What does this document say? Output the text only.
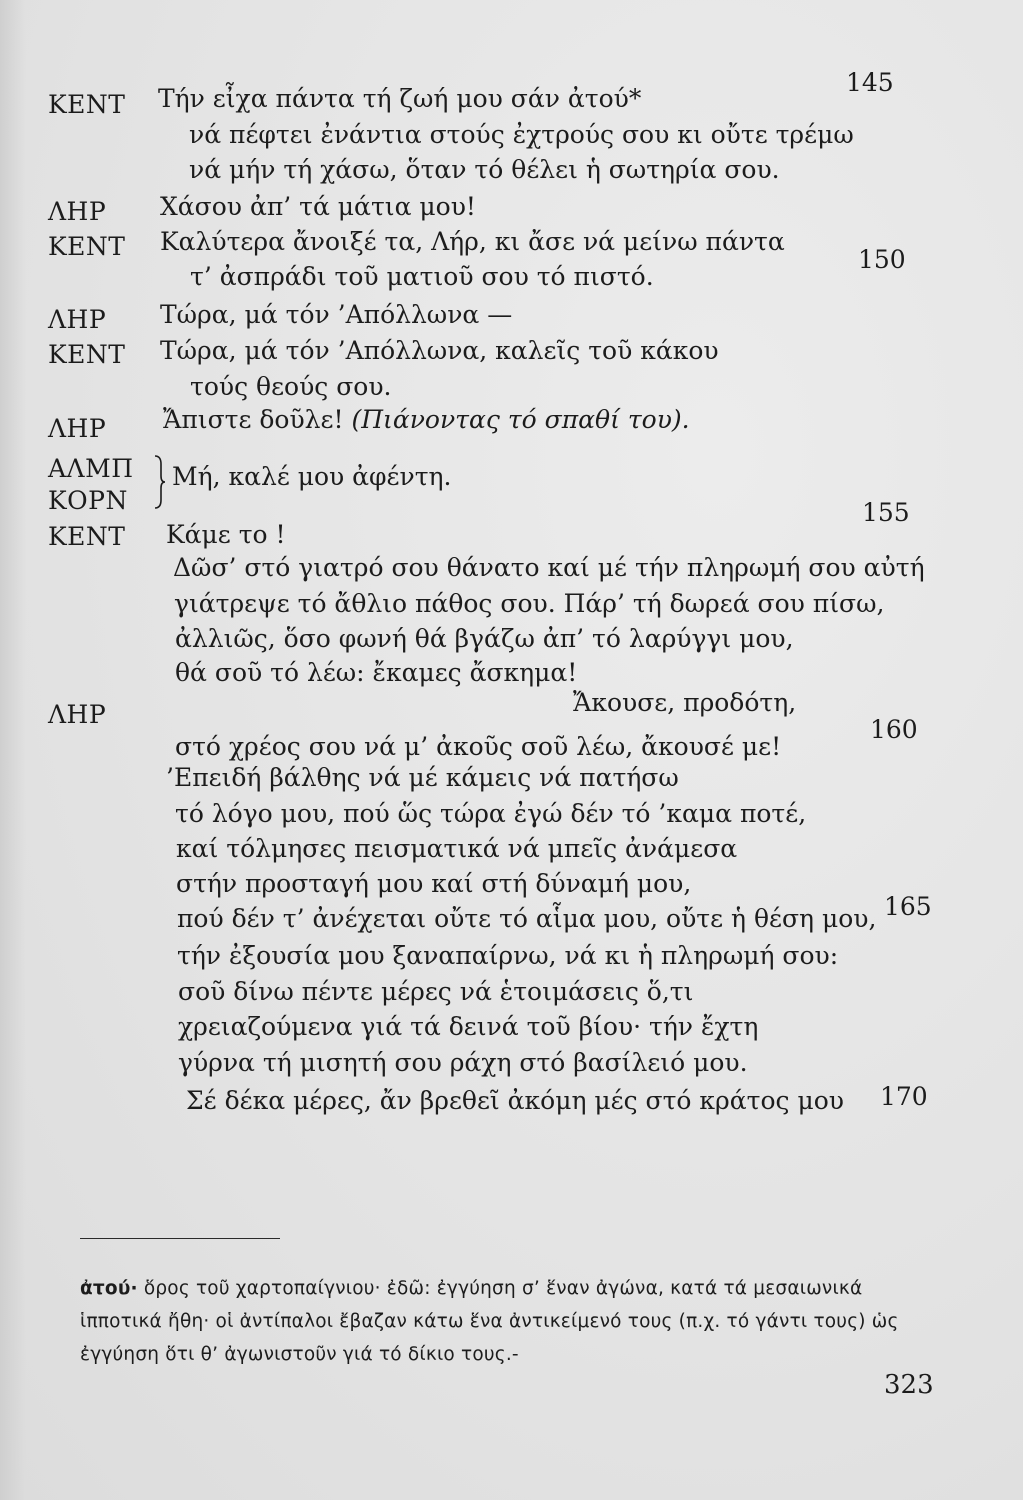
ΚΕΝΤ
ΛΗΡ
ΚΕΝΤ
ΛΗΡ
ΚΕΝΤ
ΛΗΡ
ΑΛΜΠ
ΚΟΡΝ
ΚΕΝΤ
ΛΗΡ
Τήν εἶχα πάντα τή ζωή μου σάν ἀτού*
νά πέφτει ἐνάντια στούς ἐχτρούς σου κι οὔτε τρέμω
νά μήν τή χάσω, ὅταν τό θέλει ἡ σωτηρία σου.
Χάσου ἀπ’ τά μάτια μου!
Καλύτερα ἄνοιξέ τα, Λήρ, κι ἄσε νά μείνω πάντα
τ’ ἀσπράδι τοῦ ματιοῦ σου τό πιστό.
Τώρα, μά τόν ’Απόλλωνα —
Τώρα, μά τόν ’Απόλλωνα, καλεῖς τοῦ κάκου
τούς θεούς σου.
Ἄπιστε δοῦλε! (Πιάνοντας τό σπαθί του).
Μή, καλέ μου ἀφέντη.
Κάμε το !
Δῶσ’ στό γιατρό σου θάνατο καί μέ τήν πληρωμή σου αὐτή
γιάτρεψε τό ἄθλιο πάθος σου. Πάρ’ τή δωρεά σου πίσω,
ἀλλιῶς, ὅσο φωνή θά βγάζω ἀπ’ τό λαρύγγι μου,
θά σοῦ τό λέω: ἔκαμες ἄσκημα!
Ἄκουσε, προδότη,
στό χρέος σου νά μ’ ἀκοῦς σοῦ λέω, ἄκουσέ με!
’Επειδή βάλθης νά μέ κάμεις νά πατήσω
τό λόγο μου, πού ὥς τώρα ἐγώ δέν τό ’καμα ποτέ,
καί τόλμησες πεισματικά νά μπεῖς ἀνάμεσα
στήν προσταγή μου καί στή δύναμή μου,
πού δέν τ’ ἀνέχεται οὔτε τό αἷμα μου, οὔτε ἡ θέση μου,
τήν ἐξουσία μου ξαναπαίρνω, νά κι ἡ πληρωμή σου:
σοῦ δίνω πέντε μέρες νά ἑτοιμάσεις ὅ,τι
χρειαζούμενα γιά τά δεινά τοῦ βίου· τήν ἔχτη
γύρνα τή μισητή σου ράχη στό βασίλειό μου.
Σέ δέκα μέρες, ἄν βρεθεῖ ἀκόμη μές στό κράτος μου
145
150
155
160
165
170
ἀτού· ὅρος τοῦ χαρτοπαίγνιου· ἐδῶ: ἐγγύηση σ’ ἕναν ἀγώνα, κατά τά μεσαιωνικά
ἱπποτικά ἤθη· οἱ ἀντίπαλοι ἔβαζαν κάτω ἕνα ἀντικείμενό τους (π.χ. τό γάντι τους) ὡς
ἐγγύηση ὅτι θ’ ἀγωνιστοῦν γιά τό δίκιο τους.-
323
